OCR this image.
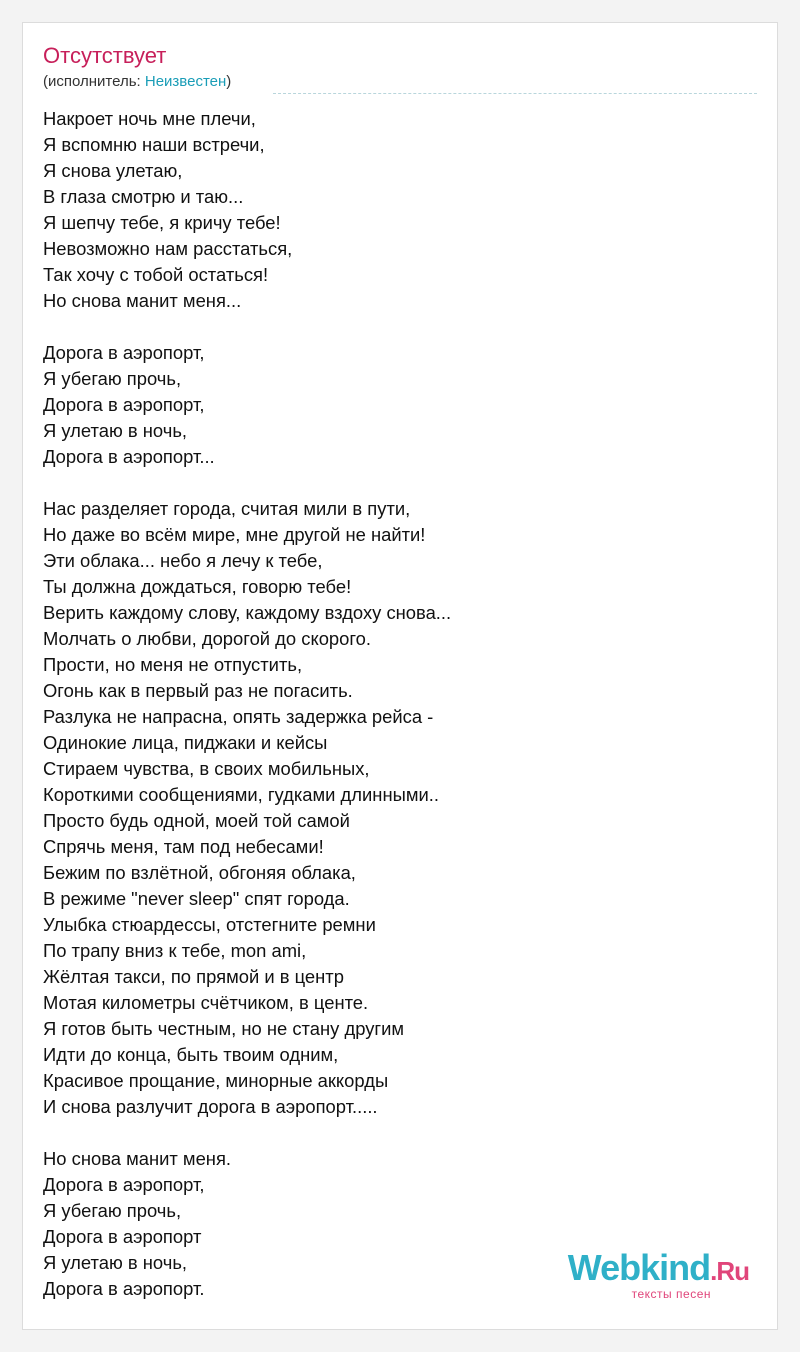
Отсутствует
(исполнитель: Неизвестен)
Накроет ночь мне плечи,
Я вспомню наши встречи,
Я снова улетаю,
В глаза смотрю и таю...
Я шепчу тебе, я кричу тебе!
Невозможно нам расстаться,
Так хочу с тобой остаться!
Но снова манит меня...
Дорога в аэропорт,
Я убегаю прочь,
Дорога в аэропорт,
Я улетаю в ночь,
Дорога в аэропорт...
Нас разделяет города, считая мили в пути,
Но даже во всём мире, мне другой не найти!
Эти облака... небо я лечу к тебе,
Ты должна дождаться, говорю тебе!
Верить каждому слову, каждому вздоху снова...
Молчать о любви, дорогой до скорого.
Прости, но меня не отпустить,
Огонь как в первый раз не погасить.
Разлука не напрасна, опять задержка рейса -
Одинокие лица, пиджаки и кейсы
Стираем чувства, в своих мобильных,
Короткими сообщениями, гудками длинными..
Просто будь одной, моей той самой
Спрячь меня, там под небесами!
Бежим по взлётной, обгоняя облака,
В режиме "never sleep" спят города.
Улыбка стюардессы, отстегните ремни
По трапу вниз к тебе, mon ami,
Жёлтая такси, по прямой и в центр
Мотая километры счётчиком, в центе.
Я готов быть честным, но не стану другим
Идти до конца, быть твоим одним,
Красивое прощание, минорные аккорды
И снова разлучит дорога в аэропорт.....
Но снова манит меня.
Дорога в аэропорт,
Я убегаю прочь,
Дорога в аэропорт
Я улетаю в ночь,
Дорога в аэропорт.
Webkind.Ru
тексты песен
